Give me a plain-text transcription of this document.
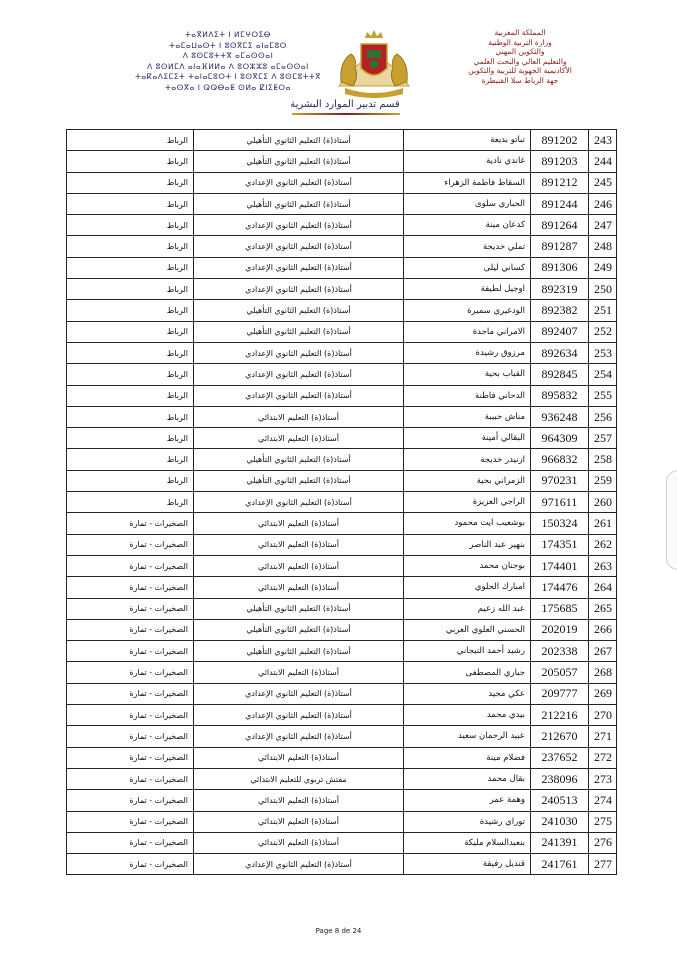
ⵜⴰⴳⵍⴷⵉⵜ ⵏ ⵍⵎⵖⵔⵉⴱ
ⵜⴰⵎⴰⵡⴰⵙⵜ ⵏ ⵓⵙⴳⵎⵉ ⴰⵏⴰⵎⵓⵔ
ⴷ ⵓⵙⵎⵓⵜⵜⴳ ⴰⵎⴰⵙⵙⴰⵏ
ⴷ ⵓⵙⵍⵎⴷ ⴰⵏⴰⴼⵍⵍⴰ ⴷ ⵓⵔⵣⵣⵓ ⴰⵎⴰⵙⵙⴰⵏ
ⵜⴰⴽⴰⴷⵉⵎⵉⵜ ⵜⴰⵏⴰⵎⵓⵔⵜ ⵏ ⵓⵙⴳⵎⵉ ⴷ ⵓⵙⵎⵓⵜⵜⴳ
ⵜⴰⵙⴳⴰ ⵏ ⵕⵕⴱⴰⵟ ⵙⵍⴰ ⵇⵏⵉⵟⵔⴰ
المملكة المغربية
وزارة التربية الوطنية
والتكوين المهني
والتعليم العالي والبحث العلمي
الأكاديمية الجهوية للتربية والتكوين
جهة الرباط سلا القنيطرة
قسم تدبير الموارد البشرية
الرباط	أستاذ(ة) التعليم الثانوي التأهيلي	تباتو بديعة	891202	243
الرباط	أستاذ(ة) التعليم الثانوي التأهيلي	غاندي نادية	891203	244
الرباط	أستاذ(ة) التعليم الثانوي الإعدادي	السقاط فاطمة الزهراء	891212	245
الرباط	أستاذ(ة) التعليم الثانوي التأهيلي	الجباري سلوى	891244	246
الرباط	أستاذ(ة) التعليم الثانوي الإعدادي	كدعان مينة	891264	247
الرباط	أستاذ(ة) التعليم الثانوي الإعدادي	تملي خديجة	891287	248
الرباط	أستاذ(ة) التعليم الثانوي الإعدادي	كساني ليلى	891306	249
الرباط	أستاذ(ة) التعليم الثانوي الإعدادي	اوجيل لطيفة	892319	250
الرباط	أستاذ(ة) التعليم الثانوي التأهيلي	الودغيري سميرة	892382	251
الرباط	أستاذ(ة) التعليم الثانوي التأهيلي	الامراني ماجدة	892407	252
الرباط	أستاذ(ة) التعليم الثانوي الإعدادي	مرزوق رشيدة	892634	253
الرباط	أستاذ(ة) التعليم الثانوي الإعدادي	القباب بحية	892845	254
الرباط	أستاذ(ة) التعليم الثانوي الإعدادي	الدحاني فاطنة	895832	255
الرباط	أستاذ(ة) التعليم الابتدائي	مناش حبيبة	936248	256
الرباط	أستاذ(ة) التعليم الابتدائي	البقالي أمينة	964309	257
الرباط	أستاذ(ة) التعليم الثانوي التأهيلي	ازنيدر خديجة	966832	258
الرباط	أستاذ(ة) التعليم الثانوي التأهيلي	الزمراني بحية	970231	259
الرباط	أستاذ(ة) التعليم الثانوي الإعدادي	الراجي العزيزة	971611	260
الصخيرات - تمارة	أستاذ(ة) التعليم الابتدائي	بوشعيب ايت محمود	150324	261
الصخيرات - تمارة	أستاذ(ة) التعليم الابتدائي	بنهير عبد الناصر	174351	262
الصخيرات - تمارة	أستاذ(ة) التعليم الابتدائي	بوجنان محمد	174401	263
الصخيرات - تمارة	أستاذ(ة) التعليم الابتدائي	امبارك الحلوي	174476	264
الصخيرات - تمارة	أستاذ(ة) التعليم الثانوي التأهيلي	عبد الله زعيم	175685	265
الصخيرات - تمارة	أستاذ(ة) التعليم الثانوي التأهيلي	الحسني العلوي العربي	202019	266
الصخيرات - تمارة	أستاذ(ة) التعليم الثانوي التأهيلي	رشيد أحمد التيجاني	202338	267
الصخيرات - تمارة	أستاذ(ة) التعليم الابتدائي	جباري المصطفى	205057	268
الصخيرات - تمارة	أستاذ(ة) التعليم الثانوي الإعدادي	عكي مجيد	209777	269
الصخيرات - تمارة	أستاذ(ة) التعليم الثانوي الإعدادي	بيدي محمد	212216	270
الصخيرات - تمارة	أستاذ(ة) التعليم الثانوي الإعدادي	عبيد الرحمان سعيد	212670	271
الصخيرات - تمارة	أستاذ(ة) التعليم الابتدائي	فضلام مينة	237652	272
الصخيرات - تمارة	مفتش تربوي للتعليم الابتدائي	بقال محمد	238096	273
الصخيرات - تمارة	أستاذ(ة) التعليم الابتدائي	وهمة عمر	240513	274
الصخيرات - تمارة	أستاذ(ة) التعليم الابتدائي	توراي رشيدة	241030	275
الصخيرات - تمارة	أستاذ(ة) التعليم الابتدائي	بنعبدالسلام مليكة	241391	276
الصخيرات - تمارة	أستاذ(ة) التعليم الثانوي الإعدادي	قنديل رفيقة	241761	277
Page 8 de 24
